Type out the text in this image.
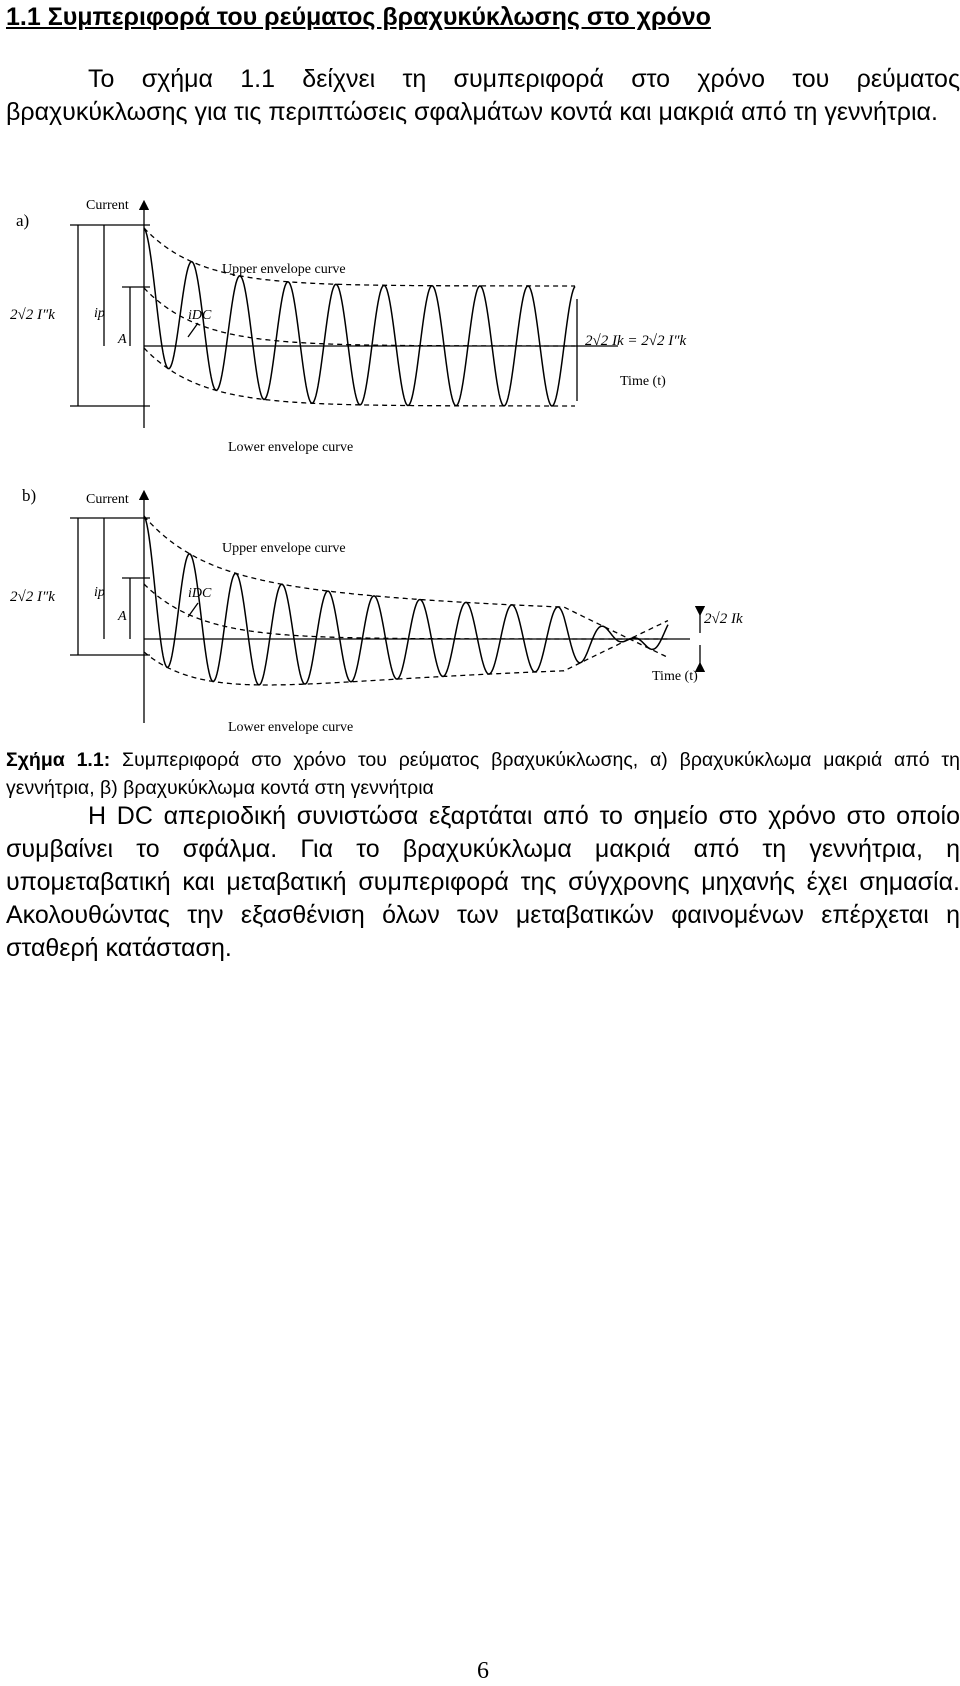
1.1 Συμπεριφορά του ρεύματος βραχυκύκλωσης στο χρόνο

Το σχήμα 1.1 δείχνει τη συμπεριφορά στο χρόνο του ρεύματος βραχυκύκλωσης για τις περιπτώσεις σφαλμάτων κοντά και μακριά από τη γεννήτρια.

a)
Current
Time (t)
Upper envelope curve
Lower envelope curve
2√2 I″k	ip	iDC
A	2√2 Ik = 2√2 I″k
b)	Current
Time (t)
Upper envelope curve
Lower envelope curve
2√2 I″k	ip	iDC
A	2√2 Ik

Σχήμα 1.1: Συμπεριφορά στο χρόνο του ρεύματος βραχυκύκλωσης, α) βραχυκύκλωμα μακριά από τη γεννήτρια, β) βραχυκύκλωμα κοντά στη γεννήτρια

Η DC απεριοδική συνιστώσα εξαρτάται από το σημείο στο χρόνο στο οποίο συμβαίνει το σφάλμα. Για το βραχυκύκλωμα μακριά από τη γεννήτρια, η υπομεταβατική και μεταβατική συμπεριφορά της σύγχρονης μηχανής έχει σημασία. Ακολουθώντας την εξασθένιση όλων των μεταβατικών φαινομένων επέρχεται η σταθερή κατάσταση.

6
